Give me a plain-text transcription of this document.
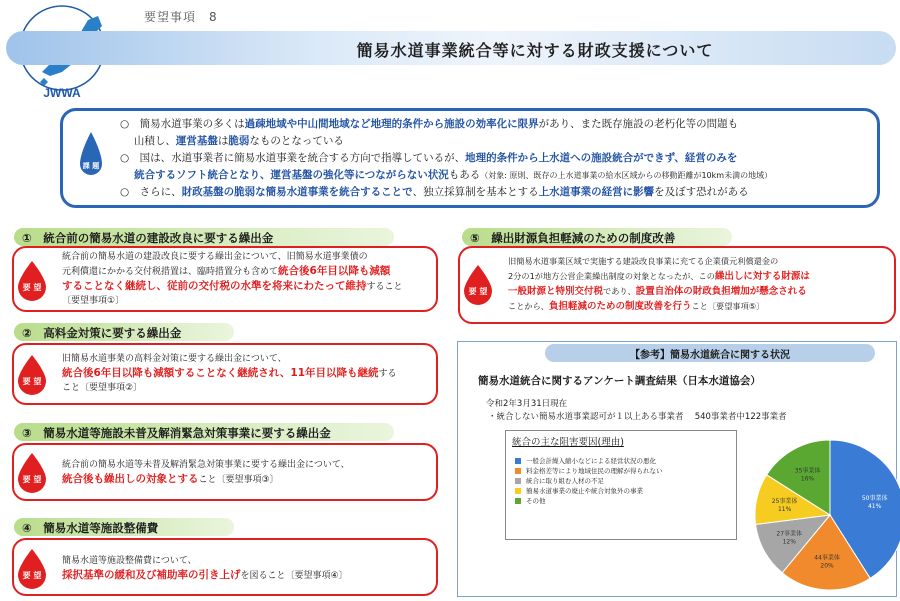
JWWA
要望事項　8
簡易水道事業統合等に対する財政支援について
課 題
○　簡易水道事業の多くは過疎地域や中山間地域など地理的条件から施設の効率化に限界があり、また既存施設の老朽化等の問題も
　 山積し、運営基盤は脆弱なものとなっている
○　国は、水道事業者に簡易水道事業を統合する方向で指導しているが、地理的条件から上水道への施設統合ができず、経営のみを
　 統合するソフト統合となり、運営基盤の強化等につながらない状況もある（対象: 原則、既存の上水道事業の給水区域からの移動距離が10km未満の地域）
○　さらに、財政基盤の脆弱な簡易水道事業を統合することで、独立採算制を基本とする上水道事業の経営に影響を及ぼす恐れがある
①　統合前の簡易水道の建設改良に要する繰出金
要 望
統合前の簡易水道の建設改良に要する繰出金について、旧簡易水道事業債の
元利償還にかかる交付税措置は、臨時措置分も含めて統合後6年目以降も減額
することなく継続し、従前の交付税の水準を将来にわたって維持すること
〔要望事項①〕
②　高料金対策に要する繰出金
要 望
旧簡易水道事業の高料金対策に要する繰出金について、
統合後6年目以降も減額することなく継続され、11年目以降も継続する
こと〔要望事項②〕
③　簡易水道等施設未普及解消緊急対策事業に要する繰出金
要 望
統合前の簡易水道等未普及解消緊急対策事業に要する繰出金について、
統合後も繰出しの対象とすること〔要望事項③〕
④　簡易水道等施設整備費
要 望
簡易水道等施設整備費について、
採択基準の緩和及び補助率の引き上げを図ること〔要望事項④〕
⑤　繰出財源負担軽減のための制度改善
要 望
旧簡易水道事業区域で実施する建設改良事業に充てる企業債元利償還金の
2分の1が地方公営企業繰出制度の対象となったが、この繰出しに対する財源は
一般財源と特別交付税であり、設置自治体の財政負担増加が懸念される
ことから、負担軽減のための制度改善を行うこと〔要望事項⑤〕
【参考】簡易水道統合に関する状況
簡易水道統合に関するアンケート調査結果（日本水道協会）
令和2年3月31日現在
・統合しない簡易水道事業認可が１以上ある事業者　 540事業者中122事業者
統合の主な阻害要因(理由)
一般会計繰入縮小などによる経営状況の悪化
料金格差等により地域住民の理解が得られない
統合に取り組む人材の不足
簡易水道事業の廃止や統合対象外の事業
その他	50事業体
41%
44事業体
20%
27事業体
12%
25事業体
11%
35事業体
16%
